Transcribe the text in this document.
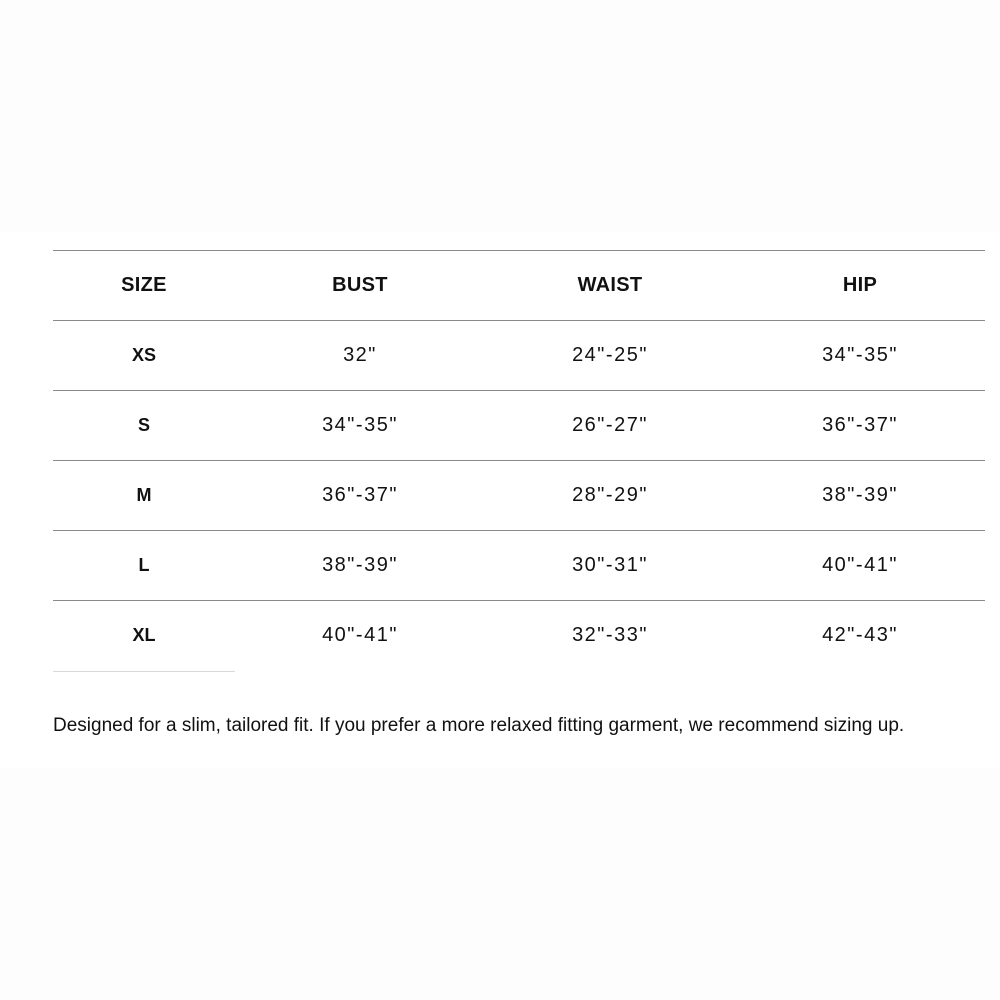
SIZE	BUST	WAIST	HIP
XS	32"	24"-25"	34"-35"
S	34"-35"	26"-27"	36"-37"
M	36"-37"	28"-29"	38"-39"
L	38"-39"	30"-31"	40"-41"
XL	40"-41"	32"-33"	42"-43"
Designed for a slim, tailored fit. If you prefer a more relaxed fitting garment, we recommend sizing up.
